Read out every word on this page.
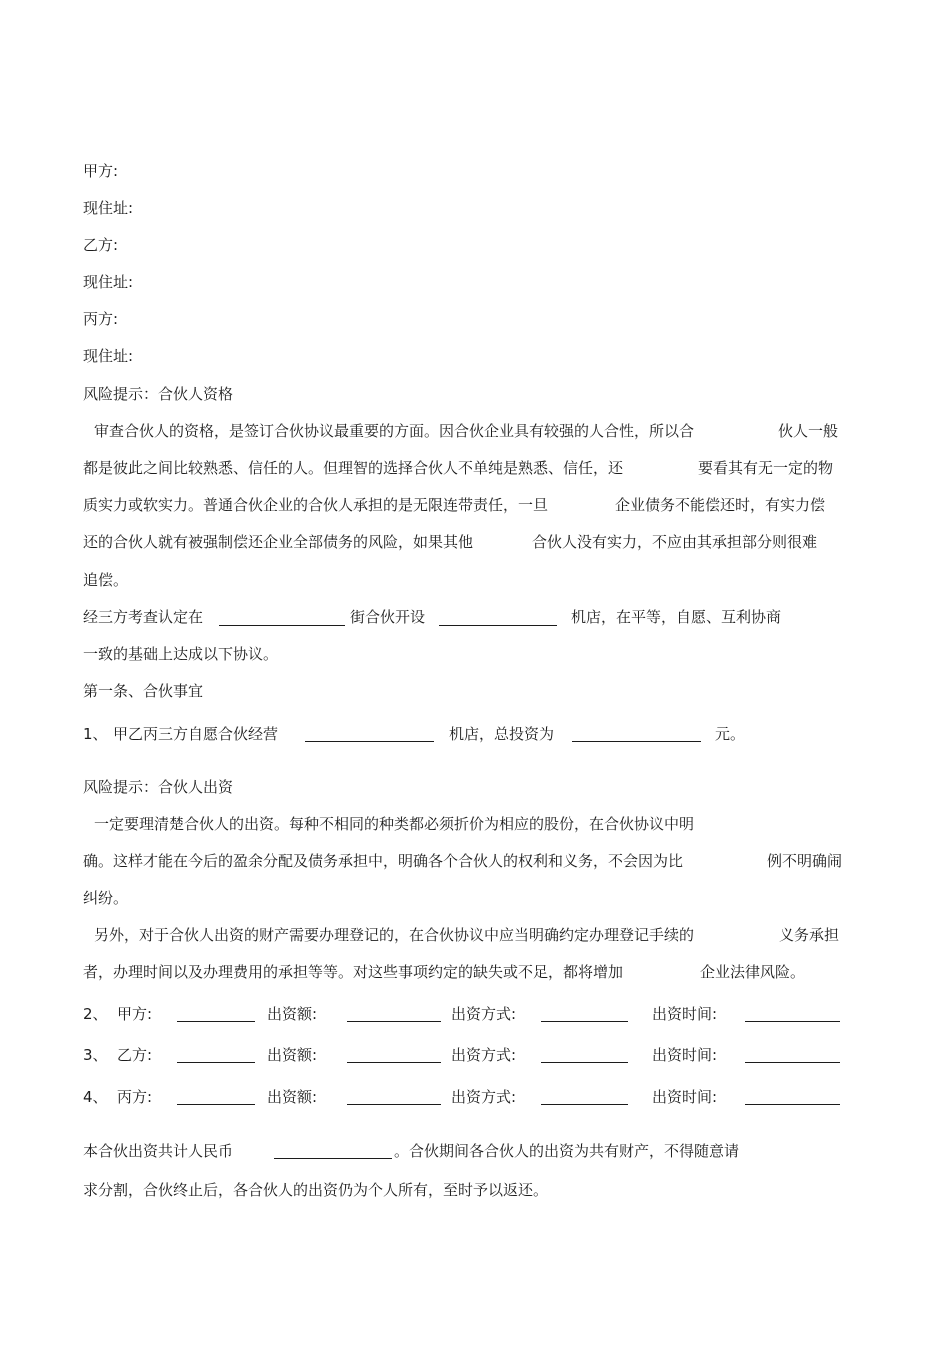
甲方:
现住址:
乙方:
现住址:
丙方:
现住址:
风险提示：合伙人资格
审查合伙人的资格，是签订合伙协议最重要的方面。因合伙企业具有较强的人合性，所以合	伙人一般
都是彼此之间比较熟悉、信任的人。但理智的选择合伙人不单纯是熟悉、信任，还	要看其有无一定的物
质实力或软实力。普通合伙企业的合伙人承担的是无限连带责任，一旦	企业债务不能偿还时，有实力偿
还的合伙人就有被强制偿还企业全部债务的风险，如果其他	合伙人没有实力，不应由其承担部分则很难
追偿。
经三方考查认定在	街合伙开设	机店，在平等，自愿、互利协商
一致的基础上达成以下协议。
第一条、合伙事宜
1、 甲乙丙三方自愿合伙经营	机店，总投资为	元。
风险提示：合伙人出资
一定要理清楚合伙人的出资。每种不相同的种类都必须折价为相应的股份，在合伙协议中明
确。这样才能在今后的盈余分配及债务承担中，明确各个合伙人的权利和义务，不会因为比	例不明确闹
纠纷。
另外，对于合伙人出资的财产需要办理登记的，在合伙协议中应当明确约定办理登记手续的	义务承担
者，办理时间以及办理费用的承担等等。对这些事项约定的缺失或不足，都将增加	企业法律风险。
2、 甲方:	出资额:	出资方式:	出资时间:
3、 乙方:	出资额:	出资方式:	出资时间:
4、 丙方:	出资额:	出资方式:	出资时间:
本合伙出资共计人民币	。合伙期间各合伙人的出资为共有财产，不得随意请
求分割，合伙终止后，各合伙人的出资仍为个人所有，至时予以返还。
